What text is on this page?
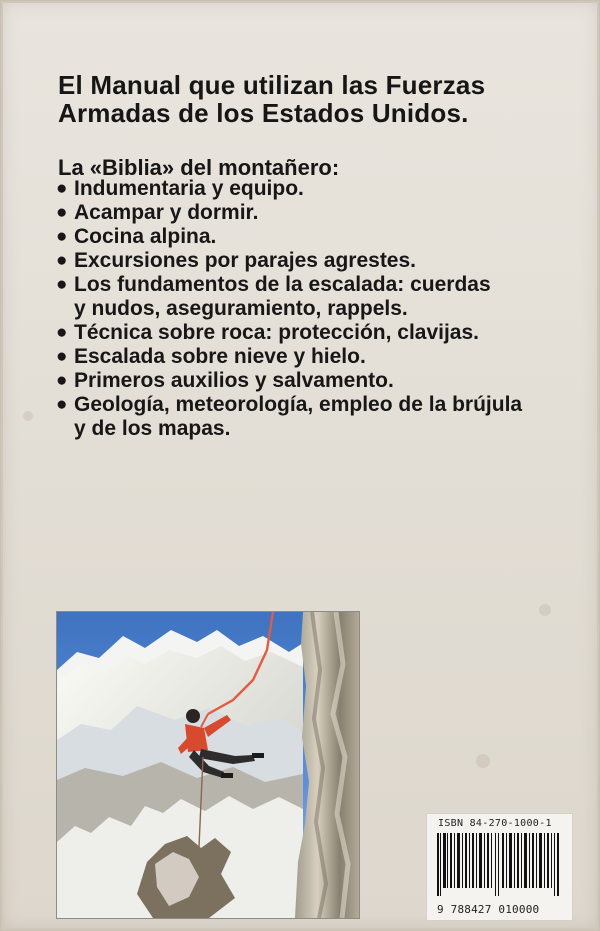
El Manual que utilizan las Fuerzas
Armadas de los Estados Unidos.
La «Biblia» del montañero:
● Indumentaria y equipo.
● Acampar y dormir.
● Cocina alpina.
● Excursiones por parajes agrestes.
● Los fundamentos de la escalada: cuerdas
y nudos, aseguramiento, rappels.
● Técnica sobre roca: protección, clavijas.
● Escalada sobre nieve y hielo.
● Primeros auxilios y salvamento.
● Geología, meteorología, empleo de la brújula
y de los mapas.
ISBN 84-270-1000-1
9 788427 010000
